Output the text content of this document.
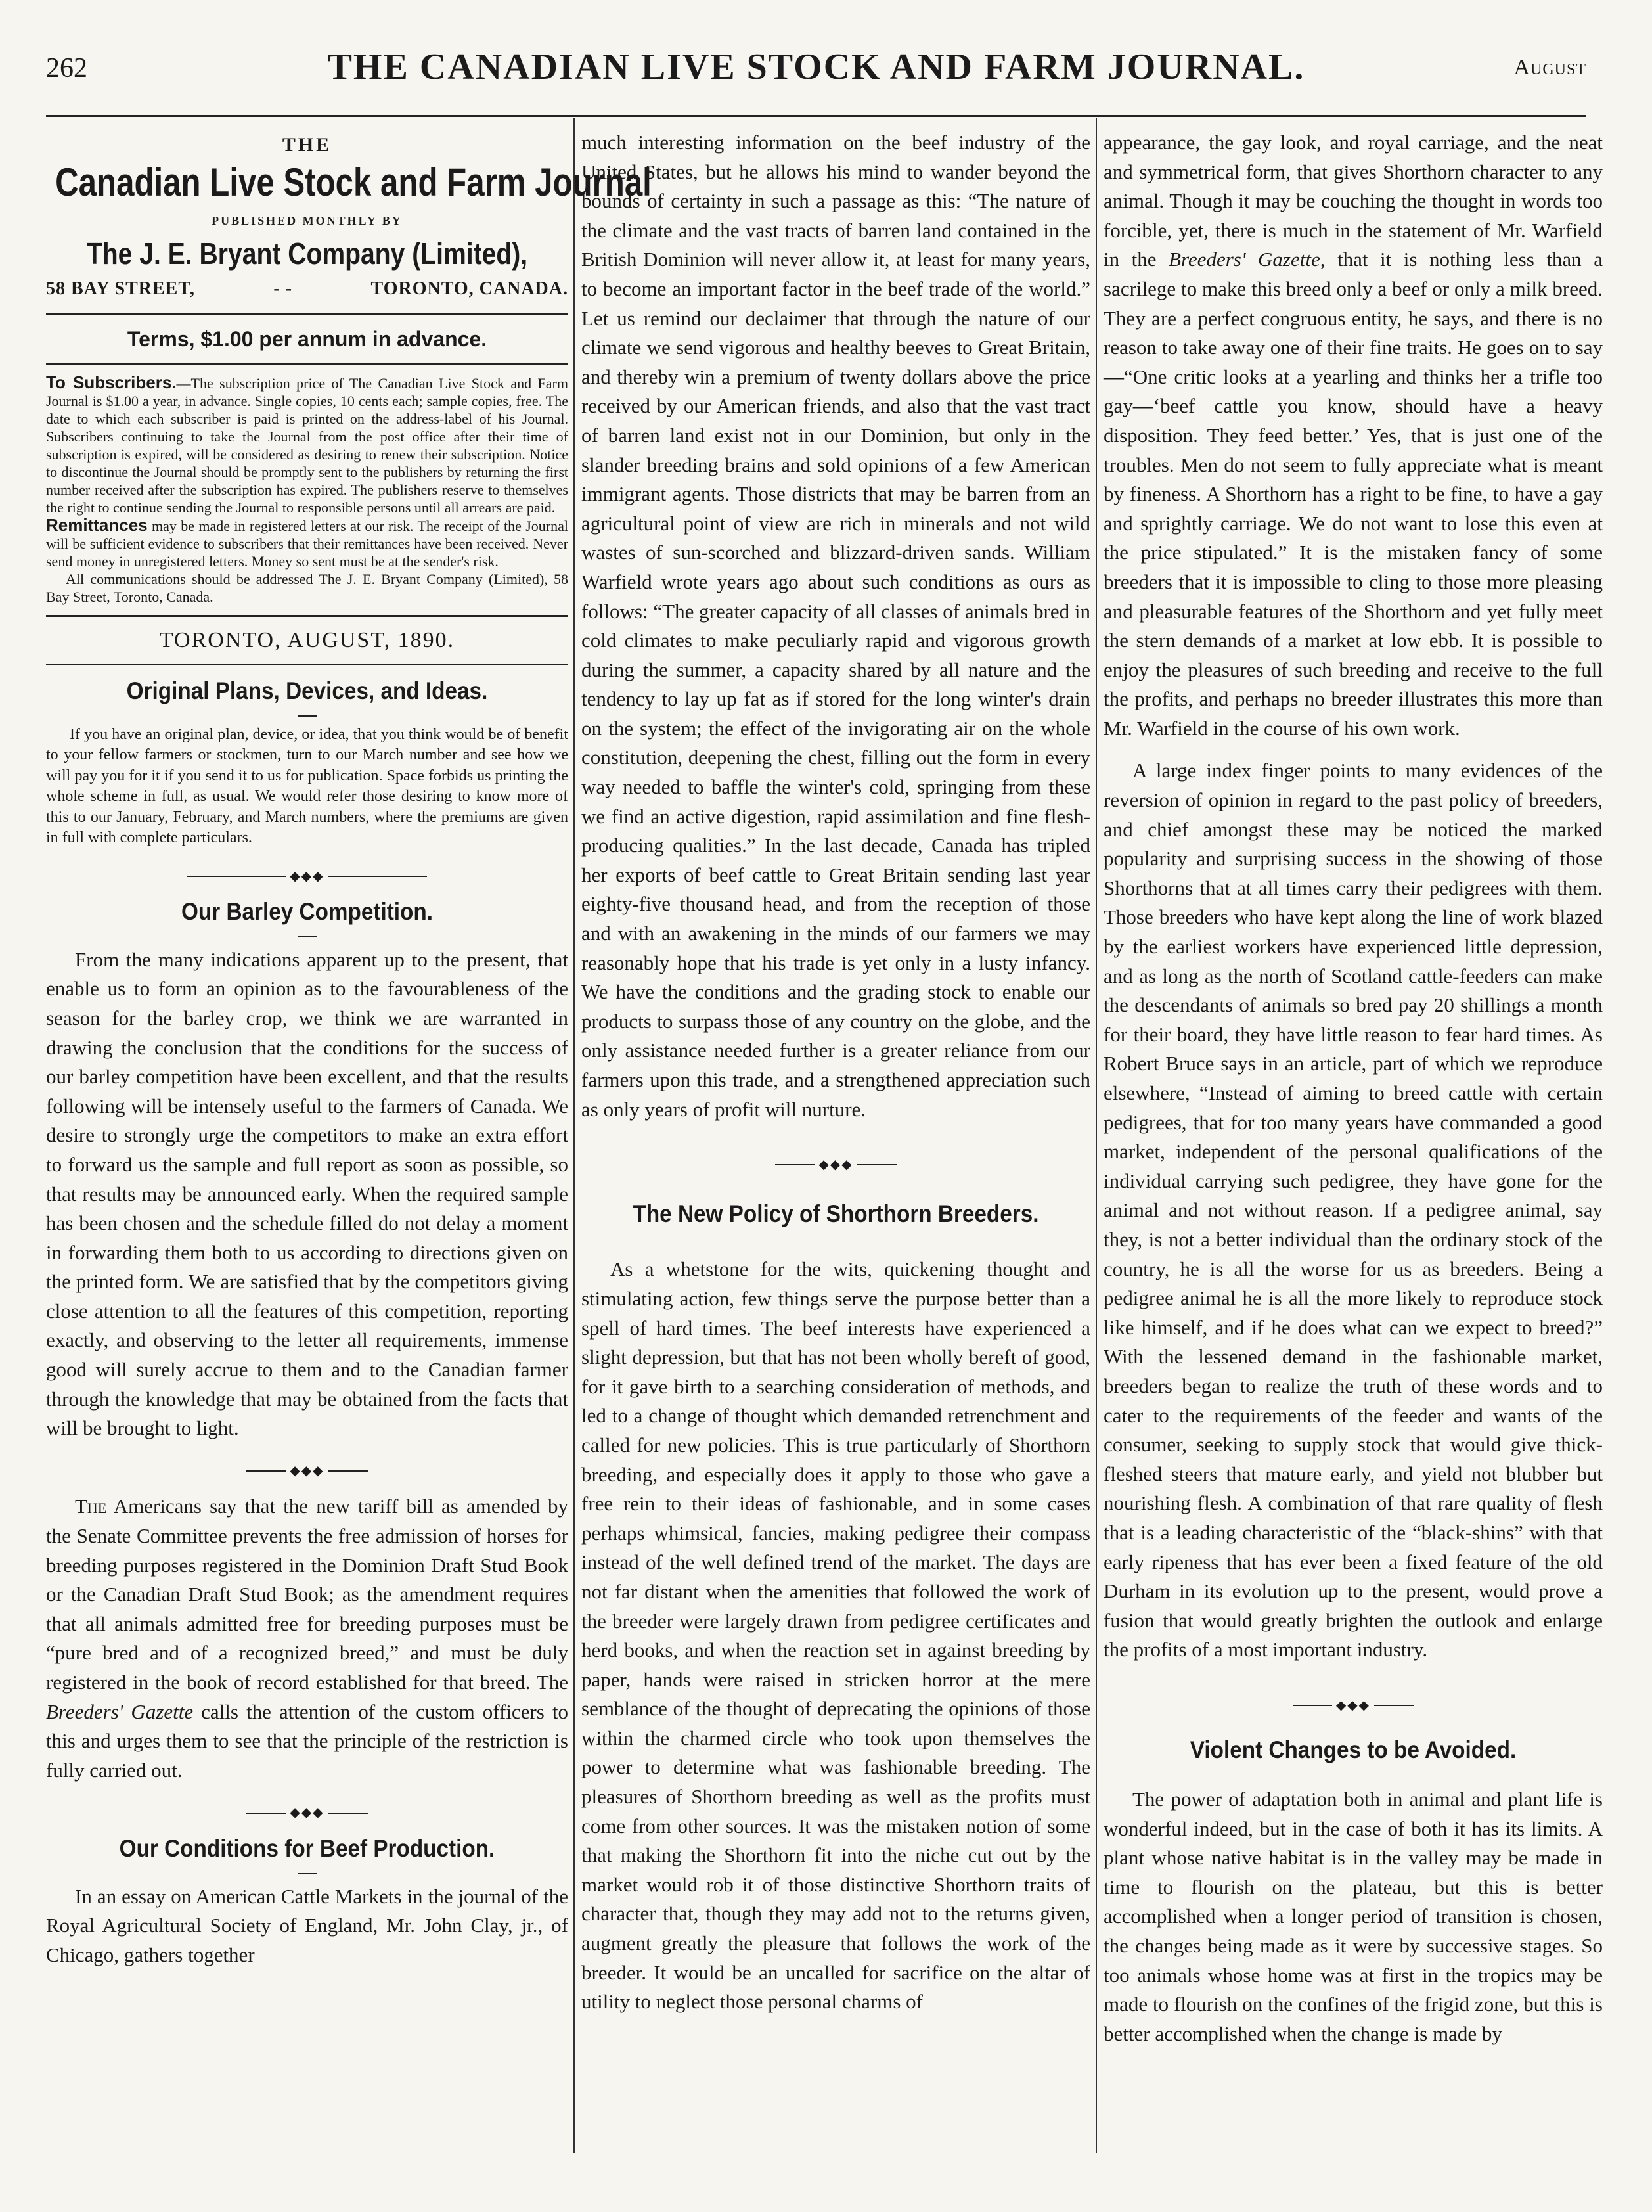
262	THE CANADIAN LIVE STOCK AND FARM JOURNAL.	August
THE
Canadian Live Stock and Farm Journal
PUBLISHED MONTHLY BY
The J. E. Bryant Company (Limited),
58 BAY STREET,	- -	TORONTO, CANADA.
Terms, $1.00 per annum in advance.

To Subscribers.—The subscription price of The Canadian Live Stock and Farm Journal is $1.00 a year, in advance. Single copies, 10 cents each; sample copies, free. The date to which each subscriber is paid is printed on the address-label of his Journal. Subscribers continuing to take the Journal from the post office after their time of subscription is expired, will be considered as desiring to renew their subscription. Notice to discontinue the Journal should be promptly sent to the publishers by returning the first number received after the subscription has expired. The publishers reserve to themselves the right to continue sending the Journal to responsible persons until all arrears are paid.

Remittances may be made in registered letters at our risk. The receipt of the Journal will be sufficient evidence to subscribers that their remittances have been received. Never send money in unregistered letters. Money so sent must be at the sender's risk.

All communications should be addressed The J. E. Bryant Company (Limited), 58 Bay Street, Toronto, Canada.

TORONTO, AUGUST, 1890.
Original Plans, Devices, and Ideas.

If you have an original plan, device, or idea, that you think would be of benefit to your fellow farmers or stockmen, turn to our March number and see how we will pay you for it if you send it to us for publication. Space forbids us printing the whole scheme in full, as usual. We would refer those desiring to know more of this to our January, February, and March numbers, where the premiums are given in full with complete particulars.

◆◆◆
Our Barley Competition.

From the many indications apparent up to the present, that enable us to form an opinion as to the favourableness of the season for the barley crop, we think we are warranted in drawing the conclusion that the conditions for the success of our barley competition have been excellent, and that the results following will be intensely useful to the farmers of Canada. We desire to strongly urge the competitors to make an extra effort to forward us the sample and full report as soon as possible, so that results may be announced early. When the required sample has been chosen and the schedule filled do not delay a moment in forwarding them both to us according to directions given on the printed form. We are satisfied that by the competitors giving close attention to all the features of this competition, reporting exactly, and observing to the letter all requirements, immense good will surely accrue to them and to the Canadian farmer through the knowledge that may be obtained from the facts that will be brought to light.

◆◆◆

The Americans say that the new tariff bill as amended by the Senate Committee prevents the free admission of horses for breeding purposes registered in the Dominion Draft Stud Book or the Canadian Draft Stud Book; as the amendment requires that all animals admitted free for breeding purposes must be “pure bred and of a recognized breed,” and must be duly registered in the book of record established for that breed. The Breeders' Gazette calls the attention of the custom officers to this and urges them to see that the principle of the restriction is fully carried out.

◆◆◆
Our Conditions for Beef Production.

In an essay on American Cattle Markets in the journal of the Royal Agricultural Society of England, Mr. John Clay, jr., of Chicago, gathers together

much interesting information on the beef industry of the United States, but he allows his mind to wander beyond the bounds of certainty in such a passage as this: “The nature of the climate and the vast tracts of barren land contained in the British Dominion will never allow it, at least for many years, to become an important factor in the beef trade of the world.” Let us remind our declaimer that through the nature of our climate we send vigorous and healthy beeves to Great Britain, and thereby win a premium of twenty dollars above the price received by our American friends, and also that the vast tract of barren land exist not in our Dominion, but only in the slander breeding brains and sold opinions of a few American immigrant agents. Those districts that may be barren from an agricultural point of view are rich in minerals and not wild wastes of sun-scorched and blizzard-driven sands. William Warfield wrote years ago about such conditions as ours as follows: “The greater capacity of all classes of animals bred in cold climates to make peculiarly rapid and vigorous growth during the summer, a capacity shared by all nature and the tendency to lay up fat as if stored for the long winter's drain on the system; the effect of the invigorating air on the whole constitution, deepening the chest, filling out the form in every way needed to baffle the winter's cold, springing from these we find an active digestion, rapid assimilation and fine flesh-producing qualities.” In the last decade, Canada has tripled her exports of beef cattle to Great Britain sending last year eighty-five thousand head, and from the reception of those and with an awakening in the minds of our farmers we may reasonably hope that his trade is yet only in a lusty infancy. We have the conditions and the grading stock to enable our products to surpass those of any country on the globe, and the only assistance needed further is a greater reliance from our farmers upon this trade, and a strengthened appreciation such as only years of profit will nurture.

◆◆◆
The New Policy of Shorthorn Breeders.

As a whetstone for the wits, quickening thought and stimulating action, few things serve the purpose better than a spell of hard times. The beef interests have experienced a slight depression, but that has not been wholly bereft of good, for it gave birth to a searching consideration of methods, and led to a change of thought which demanded retrenchment and called for new policies. This is true particularly of Shorthorn breeding, and especially does it apply to those who gave a free rein to their ideas of fashionable, and in some cases perhaps whimsical, fancies, making pedigree their compass instead of the well defined trend of the market. The days are not far distant when the amenities that followed the work of the breeder were largely drawn from pedigree certificates and herd books, and when the reaction set in against breeding by paper, hands were raised in stricken horror at the mere semblance of the thought of deprecating the opinions of those within the charmed circle who took upon themselves the power to determine what was fashionable breeding. The pleasures of Shorthorn breeding as well as the profits must come from other sources. It was the mistaken notion of some that making the Shorthorn fit into the niche cut out by the market would rob it of those distinctive Shorthorn traits of character that, though they may add not to the returns given, augment greatly the pleasure that follows the work of the breeder. It would be an uncalled for sacrifice on the altar of utility to neglect those personal charms of

appearance, the gay look, and royal carriage, and the neat and symmetrical form, that gives Shorthorn character to any animal. Though it may be couching the thought in words too forcible, yet, there is much in the statement of Mr. Warfield in the Breeders' Gazette, that it is nothing less than a sacrilege to make this breed only a beef or only a milk breed. They are a perfect congruous entity, he says, and there is no reason to take away one of their fine traits. He goes on to say—“One critic looks at a yearling and thinks her a trifle too gay—‘beef cattle you know, should have a heavy disposition. They feed better.’ Yes, that is just one of the troubles. Men do not seem to fully appreciate what is meant by fineness. A Shorthorn has a right to be fine, to have a gay and sprightly carriage. We do not want to lose this even at the price stipulated.” It is the mistaken fancy of some breeders that it is impossible to cling to those more pleasing and pleasurable features of the Shorthorn and yet fully meet the stern demands of a market at low ebb. It is possible to enjoy the pleasures of such breeding and receive to the full the profits, and perhaps no breeder illustrates this more than Mr. Warfield in the course of his own work.

A large index finger points to many evidences of the reversion of opinion in regard to the past policy of breeders, and chief amongst these may be noticed the marked popularity and surprising success in the showing of those Shorthorns that at all times carry their pedigrees with them. Those breeders who have kept along the line of work blazed by the earliest workers have experienced little depression, and as long as the north of Scotland cattle-feeders can make the descendants of animals so bred pay 20 shillings a month for their board, they have little reason to fear hard times. As Robert Bruce says in an article, part of which we reproduce elsewhere, “Instead of aiming to breed cattle with certain pedigrees, that for too many years have commanded a good market, independent of the personal qualifications of the individual carrying such pedigree, they have gone for the animal and not without reason. If a pedigree animal, say they, is not a better individual than the ordinary stock of the country, he is all the worse for us as breeders. Being a pedigree animal he is all the more likely to reproduce stock like himself, and if he does what can we expect to breed?” With the lessened demand in the fashionable market, breeders began to realize the truth of these words and to cater to the requirements of the feeder and wants of the consumer, seeking to supply stock that would give thick-fleshed steers that mature early, and yield not blubber but nourishing flesh. A combination of that rare quality of flesh that is a leading characteristic of the “black-shins” with that early ripeness that has ever been a fixed feature of the old Durham in its evolution up to the present, would prove a fusion that would greatly brighten the outlook and enlarge the profits of a most important industry.

◆◆◆
Violent Changes to be Avoided.

The power of adaptation both in animal and plant life is wonderful indeed, but in the case of both it has its limits. A plant whose native habitat is in the valley may be made in time to flourish on the plateau, but this is better accomplished when a longer period of transition is chosen, the changes being made as it were by successive stages. So too animals whose home was at first in the tropics may be made to flourish on the confines of the frigid zone, but this is better accomplished when the change is made by
